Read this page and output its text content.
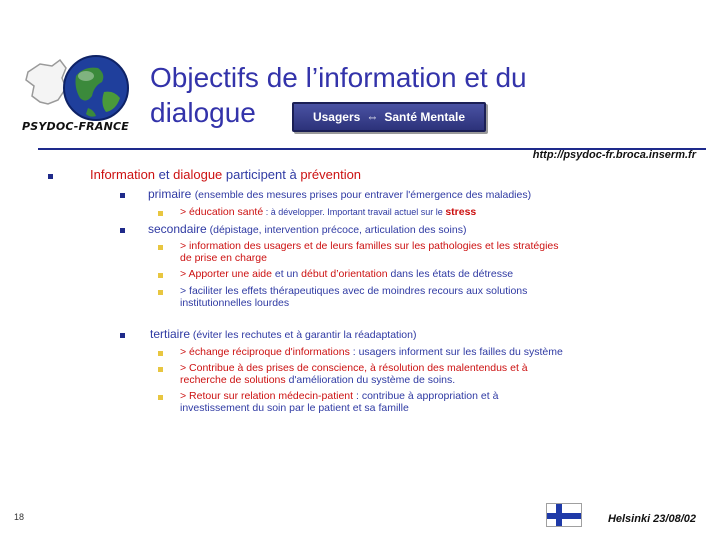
PSYDOC-FRANCE
Objectifs de l’information et du
dialogue	Usagers ⇔ Santé Mentale
http://psydoc-fr.broca.inserm.fr
Information et dialogue participent à prévention
primaire (ensemble des mesures prises pour entraver l'émergence des maladies)
> éducation santé : à développer. Important travail actuel sur le stress
secondaire (dépistage, intervention précoce, articulation des soins)
> information des usagers et de leurs familles sur les pathologies et les stratégies
de prise en charge
> Apporter une aide et un début d’orientation dans les états de détresse
> faciliter les effets thérapeutiques avec de moindres recours aux solutions
institutionnelles lourdes
tertiaire (éviter les rechutes et à garantir la réadaptation)
> échange réciproque d'informations : usagers informent sur les failles du système
> Contribue à des prises de conscience, à résolution des malentendus et à
recherche de solutions d'amélioration du système de soins.
> Retour sur relation médecin-patient : contribue à appropriation et à
investissement du soin par le patient et sa famille
18	Helsinki 23/08/02
